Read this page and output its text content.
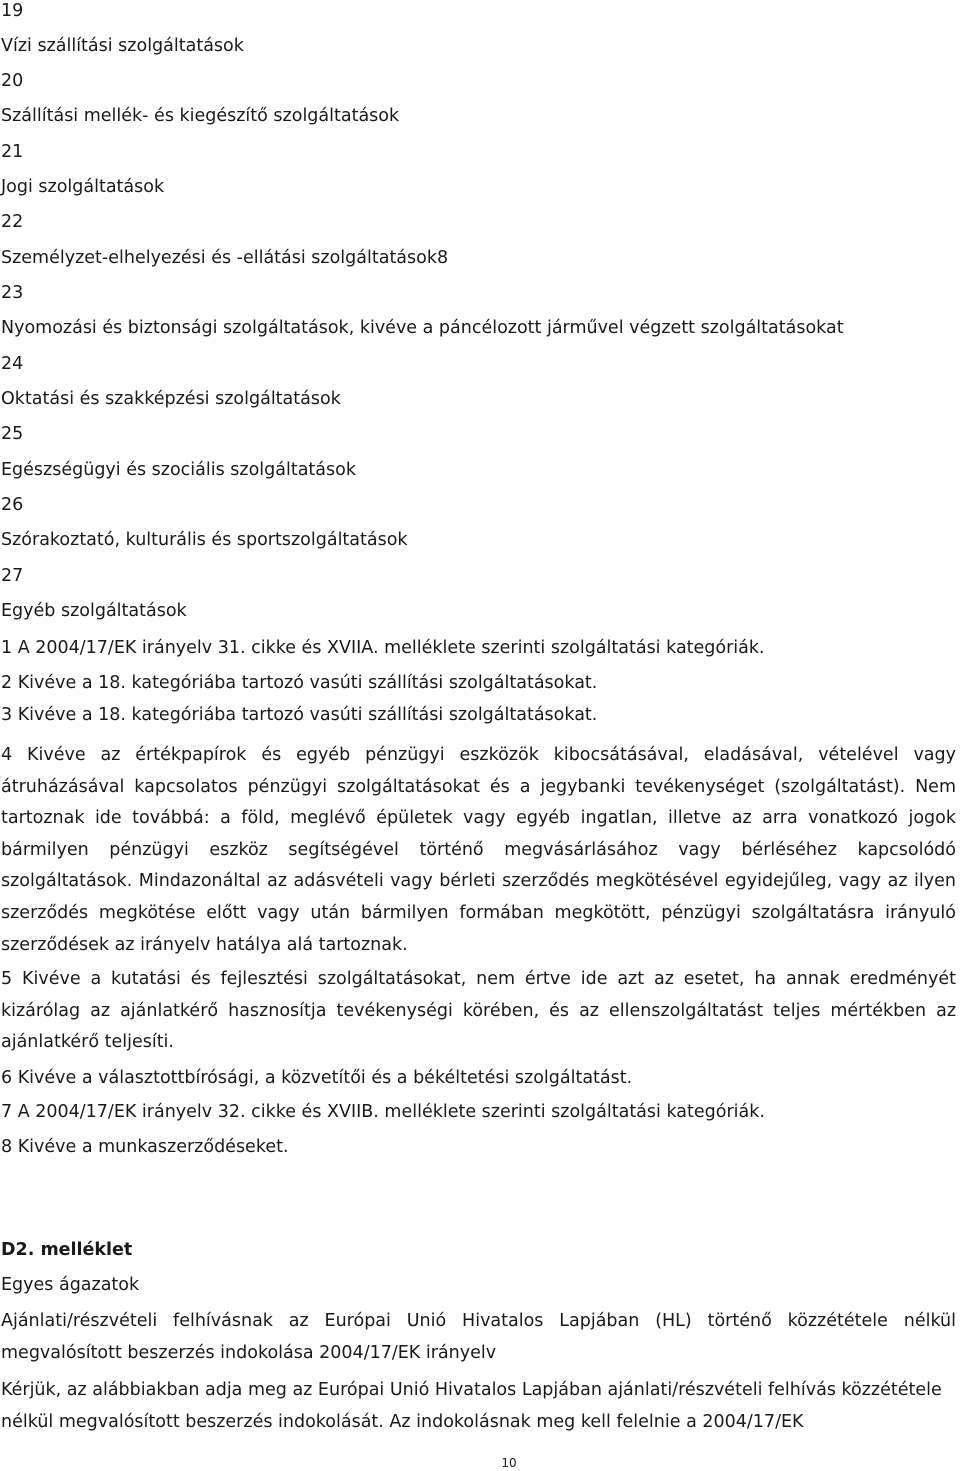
19
Vízi szállítási szolgáltatások
20
Szállítási mellék- és kiegészítő szolgáltatások
21
Jogi szolgáltatások
22
Személyzet-elhelyezési és -ellátási szolgáltatások8
23
Nyomozási és biztonsági szolgáltatások, kivéve a páncélozott járművel végzett szolgáltatásokat
24
Oktatási és szakképzési szolgáltatások
25
Egészségügyi és szociális szolgáltatások
26
Szórakoztató, kulturális és sportszolgáltatások
27
Egyéb szolgáltatások
1 A 2004/17/EK irányelv 31. cikke és XVIIA. melléklete szerinti szolgáltatási kategóriák.
2 Kivéve a 18. kategóriába tartozó vasúti szállítási szolgáltatásokat.
3 Kivéve a 18. kategóriába tartozó vasúti szállítási szolgáltatásokat.
4 Kivéve az értékpapírok és egyéb pénzügyi eszközök kibocsátásával, eladásával, vételével vagy átruházásával kapcsolatos pénzügyi szolgáltatásokat és a jegybanki tevékenységet (szolgáltatást). Nem tartoznak ide továbbá: a föld, meglévő épületek vagy egyéb ingatlan, illetve az arra vonatkozó jogok bármilyen pénzügyi eszköz segítségével történő megvásárlásához vagy bérléséhez kapcsolódó szolgáltatások. Mindazonáltal az adásvételi vagy bérleti szerződés megkötésével egyidejűleg, vagy az ilyen szerződés megkötése előtt vagy után bármilyen formában megkötött, pénzügyi szolgáltatásra irányuló szerződések az irányelv hatálya alá tartoznak.
5 Kivéve a kutatási és fejlesztési szolgáltatásokat, nem értve ide azt az esetet, ha annak eredményét kizárólag az ajánlatkérő hasznosítja tevékenységi körében, és az ellenszolgáltatást teljes mértékben az ajánlatkérő teljesíti.
6 Kivéve a választottbírósági, a közvetítői és a békéltetési szolgáltatást.
7 A 2004/17/EK irányelv 32. cikke és XVIIB. melléklete szerinti szolgáltatási kategóriák.
8 Kivéve a munkaszerződéseket.
D2. melléklet
Egyes ágazatok
Ajánlati/részvételi felhívásnak az Európai Unió Hivatalos Lapjában (HL) történő közzététele nélkül megvalósított beszerzés indokolása 2004/17/EK irányelv
Kérjük, az alábbiakban adja meg az Európai Unió Hivatalos Lapjában ajánlati/részvételi felhívás közzététele nélkül megvalósított beszerzés indokolását. Az indokolásnak meg kell felelnie a 2004/17/EK
10
